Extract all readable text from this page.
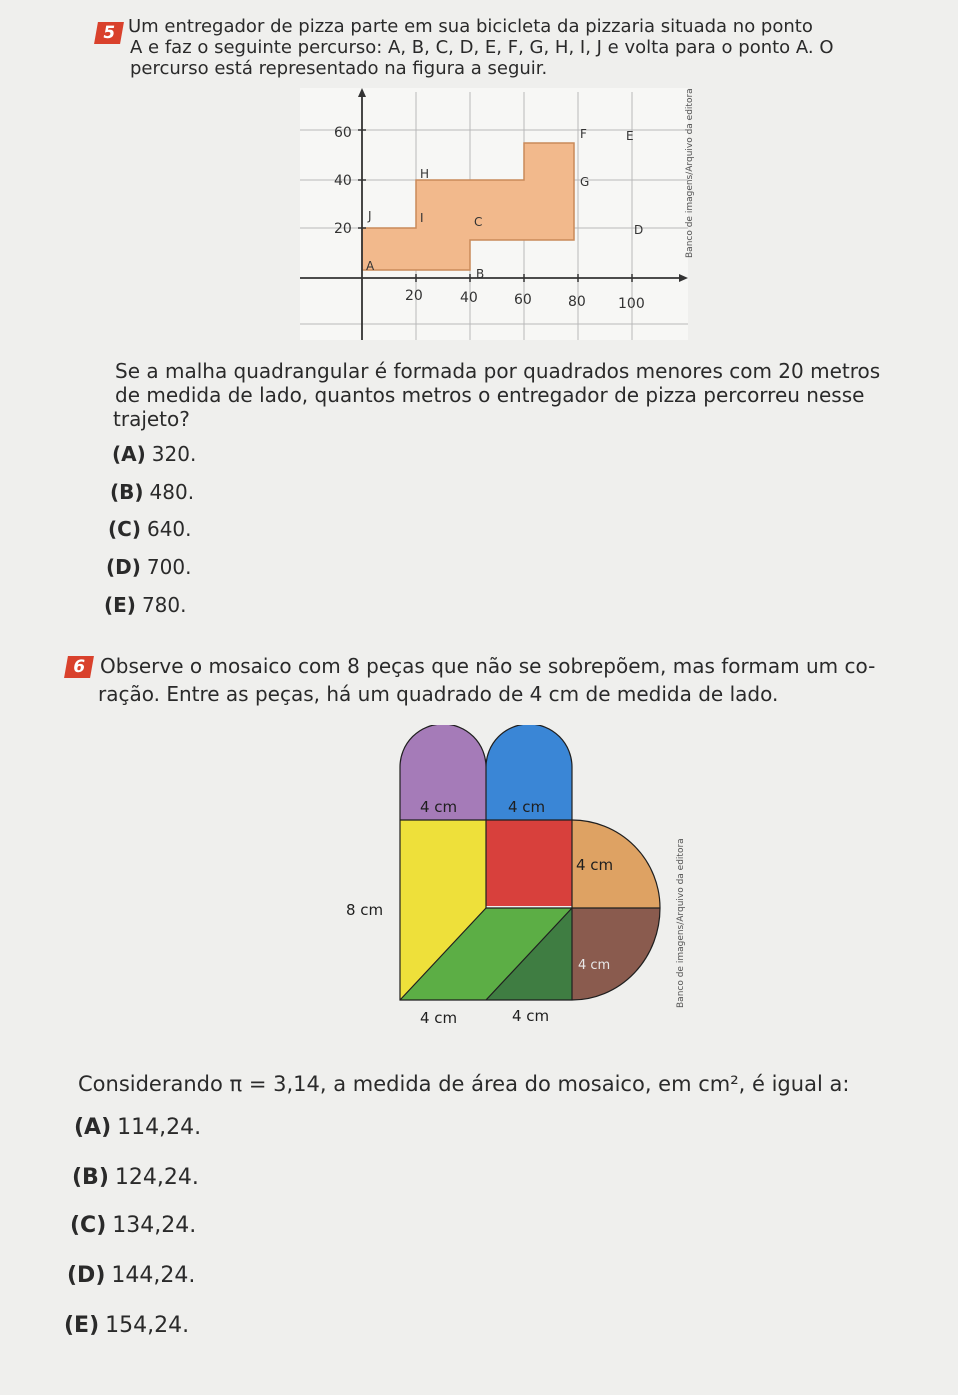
5 Um entregador de pizza parte em sua bicicleta da pizzaria situada no ponto

A e faz o seguinte percurso: A, B, C, D, E, F, G, H, I, J e volta para o ponto A. O

percurso está representado na figura a seguir.

60
40
20
20	40	60	80 100
A
B
C
D
E
F
G
H
I
J	Banco de imagens/Arquivo da editora

Se a malha quadrangular é formada por quadrados menores com 20 metros

de medida de lado, quantos metros o entregador de pizza percorreu nesse

trajeto?

(A) 320.
(B) 480.
(C) 640.
(D) 700.
(E) 780.
6 Observe o mosaico com 8 peças que não se sobrepõem, mas formam um co-

ração. Entre as peças, há um quadrado de 4 cm de medida de lado.

4 cm	4 cm
4 cm
8 cm
4 cm
4 cm	4 cm
Banco de imagens/Arquivo da editora

Considerando π = 3,14, a medida de área do mosaico, em cm², é igual a:

(A) 114,24.
(B) 124,24.
(C) 134,24.
(D) 144,24.
(E) 154,24.
